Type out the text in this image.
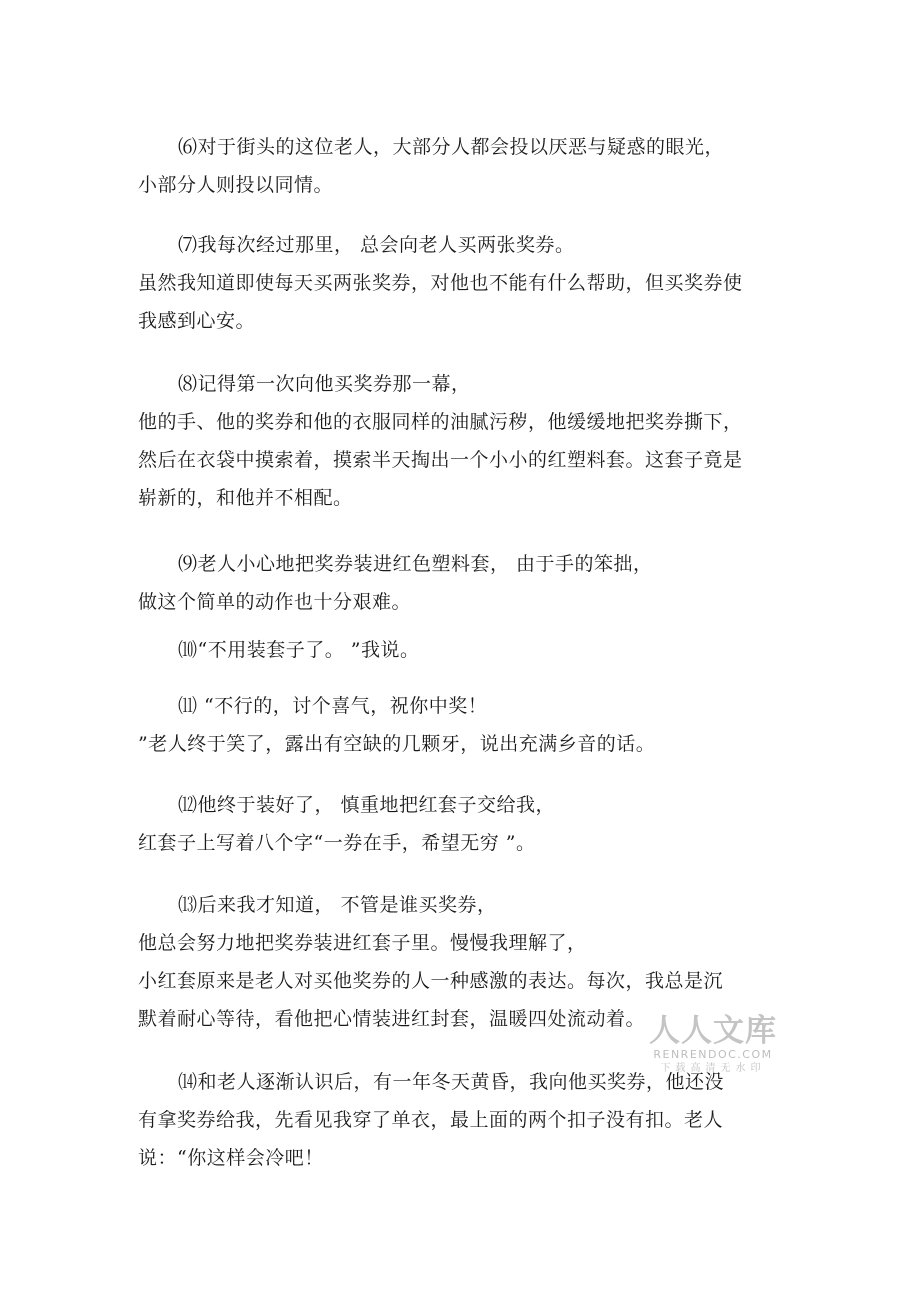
⑹对于街头的这位老人，大部分人都会投以厌恶与疑惑的眼光，
小部分人则投以同情。
⑺我每次经过那里， 总会向老人买两张奖券。
虽然我知道即使每天买两张奖券，对他也不能有什么帮助，但买奖券使
我感到心安。
⑻记得第一次向他买奖券那一幕，
他的手、他的奖券和他的衣服同样的油腻污秽，他缓缓地把奖券撕下，
然后在衣袋中摸索着，摸索半天掏出一个小小的红塑料套。这套子竟是
崭新的，和他并不相配。
⑼老人小心地把奖券装进红色塑料套， 由于手的笨拙，
做这个简单的动作也十分艰难。
⑽“不用装套子了。 ”我说。
⑾ “不行的，讨个喜气，祝你中奖！
”老人终于笑了，露出有空缺的几颗牙，说出充满乡音的话。
⑿他终于装好了， 慎重地把红套子交给我，
红套子上写着八个字“一券在手，希望无穷 ”。
⒀后来我才知道， 不管是谁买奖券，
他总会努力地把奖券装进红套子里。慢慢我理解了，
小红套原来是老人对买他奖券的人一种感激的表达。每次，我总是沉
默着耐心等待，看他把心情装进红封套，温暖四处流动着。
⒁和老人逐渐认识后，有一年冬天黄昏，我向他买奖券，他还没
有拿奖券给我，先看见我穿了单衣，最上面的两个扣子没有扣。老人
说：“你这样会冷吧！
人人文库
RENRENDOC.COM
下载高清无水印
